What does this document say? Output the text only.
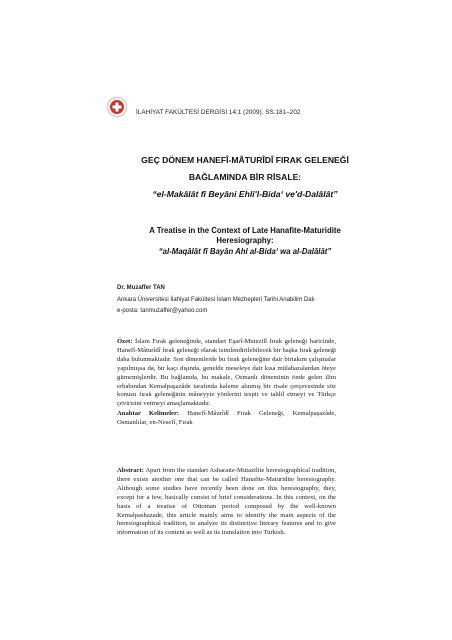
İLAHİYAT FAKÜLTESİ DERGİSİ 14:1 (2009), SS.181–202
GEÇ DÖNEM HANEFÎ-MÂTURÎDÎ FIRAK GELENEĞİ
BAĞLAMINDA BİR RİSALE:
“el-Makâlât fî Beyâni Ehli'l-Bida‘ ve'd-Dalâlât”
A Treatise in the Context of Late Hanafite-Maturidite
Heresiography:
“al-Maqālāt fī Bayān Ahl al-Bida‘ wa al-Dalālāt”
Dr. Muzaffer TAN
Ankara Üniversitesi İlahiyat Fakültesi İslam Mezhepleri Tarihi Anabilim Dalı
e-posta: tanmuzaffer@yahoo.com
Özet: İslam Fırak geleneğinde, standart Eşarî-Mutezilî fırak geleneği haricinde, Hanefî-Mâturîdî fırak geleneği olarak isimlendirilebilecek bir başka fırak geleneği daha bulunmaktadır. Son dönemlerde bu fırak geleneğine dair birtakım çalışmalar yapılmışsa da, bir kaçı dışında, genelde meseleye dair kısa mülahazalardan öteye gitmemişlerdir. Bu bağlamda, bu makale, Osmanlı döneminin önde gelen ilim erbabından Kemalpaşazâde tarafında kaleme alınmış bir risale çerçevesinde söz konusu fırak geleneğinin mâneyyiz yönlerini tespit ve tahlil etmeyi ve Türkçe çevirisini vermeyi amaçlamaktadır.
Anahtar Kelimeler: Hanefî-Mâurîdî Fırak Geleneği, Kemalpaşazâde, Osmanlılar, en-Nesefî, Fırak
Abstract: Apart from the standart Asharaite-Mutazilite heresiographical tradition, there exists another one that can be called Hanafite-Maturidite heresiography. Although some studies have recently been done on this heresiography, they, except for a few, basically consist of brief considerations. In this context, on the basis of a treatise of Ottoman period composed by the well-known Kemalpashazade, this article mainly aims to identify the main aspects of the heresiographical tradition, to analyze its distinctive literary features and to give information of its content as well as its translation into Turkish.
